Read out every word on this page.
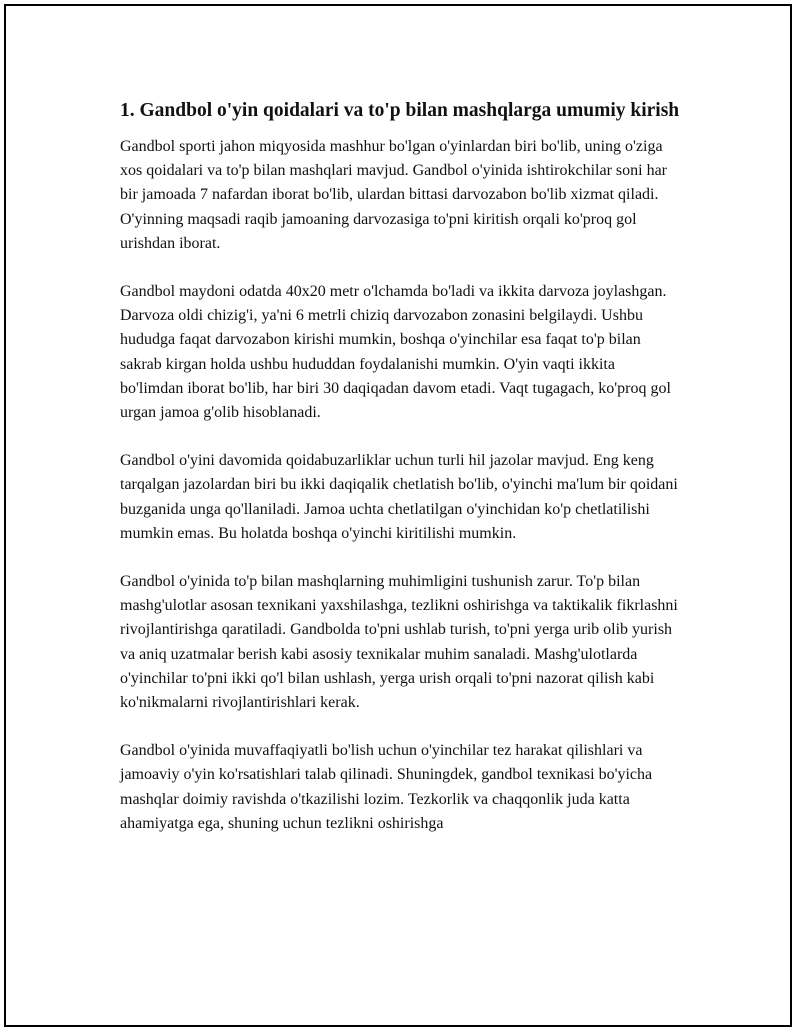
1. Gandbol o'yin qoidalari va to'p bilan mashqlarga umumiy kirish

Gandbol sporti jahon miqyosida mashhur bo'lgan o'yinlardan biri bo'lib, uning o'ziga xos qoidalari va to'p bilan mashqlari mavjud. Gandbol o'yinida ishtirokchilar soni har bir jamoada 7 nafardan iborat bo'lib, ulardan bittasi darvozabon bo'lib xizmat qiladi. O'yinning maqsadi raqib jamoaning darvozasiga to'pni kiritish orqali ko'proq gol urishdan iborat.

Gandbol maydoni odatda 40x20 metr o'lchamda bo'ladi va ikkita darvoza joylashgan. Darvoza oldi chizig'i, ya'ni 6 metrli chiziq darvozabon zonasini belgilaydi. Ushbu hududga faqat darvozabon kirishi mumkin, boshqa o'yinchilar esa faqat to'p bilan sakrab kirgan holda ushbu hududdan foydalanishi mumkin. O'yin vaqti ikkita bo'limdan iborat bo'lib, har biri 30 daqiqadan davom etadi. Vaqt tugagach, ko'proq gol urgan jamoa g'olib hisoblanadi.

Gandbol o'yini davomida qoidabuzarliklar uchun turli hil jazolar mavjud. Eng keng tarqalgan jazolardan biri bu ikki daqiqalik chetlatish bo'lib, o'yinchi ma'lum bir qoidani buzganida unga qo'llaniladi. Jamoa uchta chetlatilgan o'yinchidan ko'p chetlatilishi mumkin emas. Bu holatda boshqa o'yinchi kiritilishi mumkin.

Gandbol o'yinida to'p bilan mashqlarning muhimligini tushunish zarur. To'p bilan mashg'ulotlar asosan texnikani yaxshilashga, tezlikni oshirishga va taktikalik fikrlashni rivojlantirishga qaratiladi. Gandbolda to'pni ushlab turish, to'pni yerga urib olib yurish va aniq uzatmalar berish kabi asosiy texnikalar muhim sanaladi. Mashg'ulotlarda o'yinchilar to'pni ikki qo'l bilan ushlash, yerga urish orqali to'pni nazorat qilish kabi ko'nikmalarni rivojlantirishlari kerak.

Gandbol o'yinida muvaffaqiyatli bo'lish uchun o'yinchilar tez harakat qilishlari va jamoaviy o'yin ko'rsatishlari talab qilinadi. Shuningdek, gandbol texnikasi bo'yicha mashqlar doimiy ravishda o'tkazilishi lozim. Tezkorlik va chaqqonlik juda katta ahamiyatga ega, shuning uchun tezlikni oshirishga
